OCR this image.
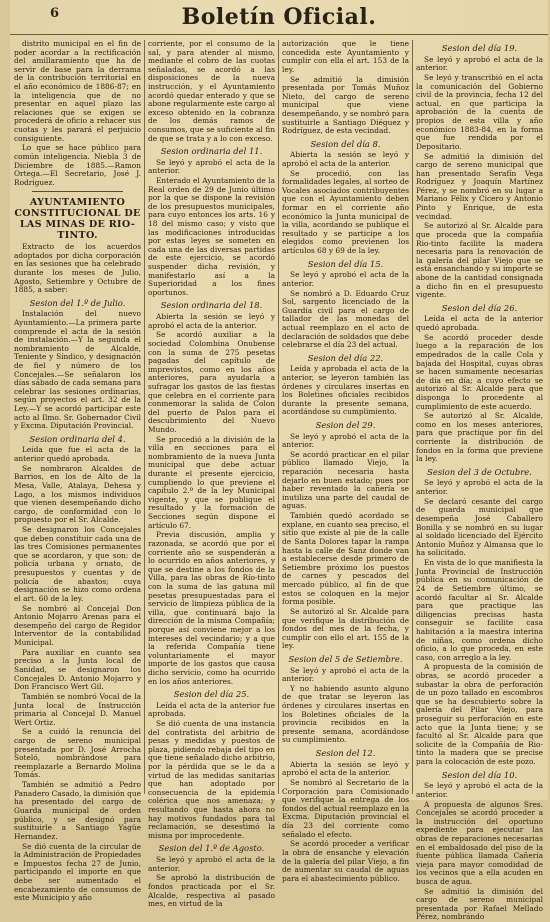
6	Boletín Oficial.

distrito municipal en el fin de poder acordar a la rectificación del amillaramiento que ha de servir de base para la derrama de la contribución territorial en el año económico de 1886-87; en la inteligencia que de no presentar en aquel plazo las relaciones que se exigen se procederá de oficio a rehacer sus cuotas y les parará el perjuicio consiguiente.

Lo que se hace público para común inteligencia. Niebla 3 de Diciembre de 1885.—Ramon Ortega.—El Secretario, José J. Rodriguez.

AYUNTAMIENTO CONSTITUCIONAL DE LAS MINAS DE RIO-TINTO.

Extracto de los acuerdos adoptados por dicha corporación en las sesiones que ha celebrado durante los meses de Julio, Agosto, Setiembre y Octubre de 1885, a saber:

Sesion del 1.º de Julio.

Instalación del nuevo Ayuntamiento.—La primera parte comprende el acta de la sesión de instalación.—Y la segunda el nombramiento de Alcalde, Teniente y Síndico, y designación de fiel y número de los Concejales.—Se señalaron los días sábado de cada semana para celebrar las sesiones ordinarias, según proyectos el art. 32 de la Ley.—Y se acordó participar este acto al Ilmo. Sr. Gobernador Civil y Excma. Diputación Provincial.

Sesion ordinaria del 4.

Leída que fue el acta de la anterior quedó aprobada.

Se nombraron Alcaldes de Barrios, en los de Alto de la Mesa, Valle, Atalaya, Dehesa y Lago, a los mismos individuos que vienen desempeñando dicho cargo, de conformidad con lo propuesto por el Sr. Alcalde.

Se designaron los Concejales que deben constituir cada una de las tres Comisiones permanentes que se acordaron, y que son: de policía urbana y ornato, de presupuestos y cuentas y de policía de abastos; cuya designación se hizo como ordena el art. 60 de la ley.

Se nombró al Concejal Don Antonio Mojarro Arenas para el desempeño del cargo de Regidor Interventor de la contabilidad Municipal.

Para auxiliar en cuanto sea preciso a la Junta local de Sanidad, se designaron los Concejales D. Antonio Mojarro y Don Francisco Wert Gil.

También se nombró Vocal de la Junta local de Instrucción primaria al Concejal D. Manuel Wert Ortiz.

Se a cuidó la renuncia del cargo de sereno municipal presentada por D. José Arrocha Soteló, nombrándose para reemplazarle a Bernardo Molina Tomás.

También se admitió a Pedro Panadero Casado, la dimisión que ha presentado del cargo de Guarda municipal de orden público, y se designó para sustituirle a Santiago Yagüe Hernandez.

Se dió cuenta de la circular de la Administración de Propiedades e Impuestos fecha 27 de Junio, participando el importe en que debe ser aumentado el encabezamiento de consumos de este Municipio y año

corriente, por el consumo de la sal, y para atender al mismo, mediante el cobro de las cuotas señaladas, se acordó a las disposiciones de la nueva instrucción, y el Ayuntamiento acordó quedar enterado y que se abone regularmente este cargo al exceso obtenido en la cobranza de los demás ramos de consumos, que se suficiente al fin de que se trata y a lo con exceso.

Sesion ordinaria del 11.

Se leyó y aprobó el acta de la anterior.

Enterado el Ayuntamiento de la Real orden de 29 de Junio último por la que se dispone la revisión de los presupuestos municipales, para cuyo entonces los arts. 16 y 18 del mismo caso; y visto que las modificaciones introducidas por estas leyes se someten en cada una de las diversas partidas de este ejercicio, se acordó suspender dicha revisión, y manifestarlo así a la Superioridad a los fines oportunos.

Sesion ordinaria del 18.

Abierta la sesión se leyó y aprobó el acta de la anterior.

Se acordó auxiliar a la sociedad Colombina Onubense con la suma de 275 pesetas pagadas del capítulo de imprevistos, como en los años anteriores, para ayudarla a sufragar los gastos de las fiestas que celebra en el corriente para conmemorar la salida de Colon del puerto de Palos para el descubrimiento del Nuevo Mundo.

Se procedió a la división de la villa en secciones para el nombramiento de la nueva Junta municipal que debe actuar durante el presente ejercicio, cumpliendo lo que previene el capítulo 2.º de la ley Municipal vigente, y que se publique el resultado y la formación de Secciones según dispone el artículo 67.

Previa discusión, amplia y razonada, se acordó que por el corriente año se suspenderán a lo ocurrido en años anteriores, y que se destine a los fondos de la Villa, para las obras de Río-tinto con la suma de las gatuna mil pesetas presupuestadas para el servicio de limpieza pública de la villa, que continuará bajo la dirección de la misma Compañía; porque así conviene mejor a los intereses del vecindario; y a que la referida Compañía tiene voluntariamente el mayor importe de los gastos que causa dicho servicio, como ha ocurrido en los años anteriores.

Sesion del día 25.

Leída el acta de la anterior fue aprobada.

Se dió cuenta de una instancia del contratista del arbitrio de pesas y medidas y puestos de plaza, pidiendo rebaja del tipo en que tiene señalado dicho arbitrio, por la pérdida que se le da a virtud de las medidas sanitarias que han adoptado por consecuencia de la epidemia colérica que nos amenaza; y resultando que hasta ahora no hay motivos fundados para tal reclamación, se desestimó la misma por improcedente.

Sesion del 1.º de Agosto.

Se leyó y aprobó el acta de la anterior.

Se aprobó la distribución de fondos practicada por el Sr. Alcalde, respectiva al pasado mes, en virtud de la

autorización que le tiene concedida este Ayuntamiento y cumplir con ella el art. 153 de la ley.

Se admitió la dimisión presentada por Tomás Muñoz Nieto, del cargo de sereno municipal que viene desempeñando, y se nombró para sustituirle a Santiago Diéguez y Rodríguez, de esta vecindad.

Sesion del día 8.

Abierta la sesión se leyó y aprobó el acta de la anterior.

Se procedió, con las formalidades legales, al sorteo de Vocales asociados contribuyentes que con el Ayuntamiento deben formar en el corriente año económico la Junta municipal de la villa, acordando se publique el resultado y se participe a los elegidos como previenen los artículos 68 y 69 de la ley.

Sesion del día 15.

Se leyó y aprobó el acta de la anterior.

Se nombró a D. Eduardo Cruz Sol, sargento licenciado de la Guardia civil para el cargo de tallador de las monedas del actual reemplazo en el acto de declaración de soldados que debe celebrarse el día 23 del actual.

Sesion del día 22.

Leída y aprobada el acta de la anterior, se leyeron también las órdenes y circulares insertas en los Boletines oficiales recibidos durante la presente semana, acordándose su cumplimiento.

Sesion del 29.

Se leyó y aprobó el acta de la anterior.

Se acordó practicar en el pilar público llamado Viejo, la reparación necesaria hasta dejarlo en buen estado; pues por haber reventado la cañería se inutiliza una parte del caudal de aguas.

También quedó acordado se explane, en cuanto sea preciso, el sitio que existe al pie de la calle de Santa Dolores tapar la rampa hasta la calle de Sanz donde van a establecerse desde primero de Setiembre próximo los puestos de carnes y pescados del mercado público, al fin de que estos se coloquen en la mejor forma posible.

Se autorizó al Sr. Alcalde para que verifique la distribución de fondos del mes de la fecha, y cumplir con ello el art. 155 de la ley.

Sesion del 5 de Setiembre.

Se leyó y aprobó el acta de la anterior.

Y no habiendo asunto alguno de que tratar se leyeron las órdenes y circulares insertas en los Boletines oficiales de la provincia recibidos en la presente semana, acordándose su cumplimiento.

Sesion del 12.

Abierta la sesión se leyó y aprobó el acta de la anterior.

Se nombró al Secretario de la Corporación para Comisionado que verifique la entrega de los fondos del actual reemplazo en la Excma. Diputación provincial el día 23 del corriente como señalado el efecto.

Se acordó proceder a verificar la obra de ensanche y elevación de la galería del pilar Viejo, a fin de aumentar su caudal de aguas para el abastecimiento público.

Sesion del día 19.

Se leyó y aprobó el acta de la anterior.

Se leyó y transcribió en el acta la comunicación del Gobierno civil de la provincia, fecha 12 del actual, en que participa la aprobación de la cuenta de propios de esta villa y año económico 1883-84, en la forma que fue rendida por el Depositario.

Se admitió la dimisión del cargo de sereno municipal que han presentado Serafín Vega Rodríguez y Joaquín Martínez Pérez, y se nombró en su lugar a Mariano Félix y Cicero y Antonio Pinto y Enrique, de esta vecindad.

Se autorizó al Sr. Alcalde para que proceda que la compañía Rio-tinto facilite la madera necesaria para la renovación de la galería del pilar Viejo que se está ensanchando y su importe se abone de la cantidad consignada a dicho fin en el presupuesto vigente.

Sesion del día 26.

Leída el acta de la anterior quedó aprobada.

Se acordó proceder desde luego a la reparación de los empedrados de la calle Cola y bajada del Hospital, cuyas obras se hacen sumamente necesarias de día en día; a cuyo efecto se autorizó al Sr. Alcalde para que disponga lo procedente al cumplimiento de este acuerdo.

Se autorizó al Sr. Alcalde, como en los meses anteriores, para que practique por fin del corriente la distribución de fondos en la forma que previene la ley.

Sesion del 3 de Octubre.

Se leyó y aprobó el acta de la anterior.

Se declaró cesante del cargo de guarda municipal que desempeña José Caballero Bonilla y se nombró en su lugar al soldado licenciado del Ejército Antonio Muñoz y Almansa que lo ha solicitado.

En vista de lo que manifiesta la Junta Provincial de Instrucción pública en su comunicación de 24 de Setiembre último, se acordó facultar al Sr. Alcalde para que practique las diligencias precisas hasta conseguir se facilite casa habitación a la maestra interina de niñas, como ordena dicho oficio, a lo que proceda, en este caso, con arreglo a la ley.

A propuesta de la comisión de obras, se acordó proceder a subastar la obra de perforación de un pozo tallado en escombros que se ha descubierto sobre la galería del Pilar Viejo, para proseguir su perforación en este acto que la Junta tiene; y se facultó al Sr. Alcalde para que solicite de la Compañía de Rio-tinto la madera que se precise para la colocación de este pozo.

Sesion del día 10.

Se leyó y aprobó el acta de la anterior.

A propuesta de algunos Sres. Concejales se acordó proceder a la instrucción del oportuno expediente para ejecutar las obras de reparaciones necesarias en el embaldosado del piso de la fuente pública llamada Cañería vieja para mayor comodidad de los vecinos que a ella acuden en busca de agua.

Se admitió la dimisión del cargo de sereno municipal presentada por Rafael Mellado Pérez, nombrándo
